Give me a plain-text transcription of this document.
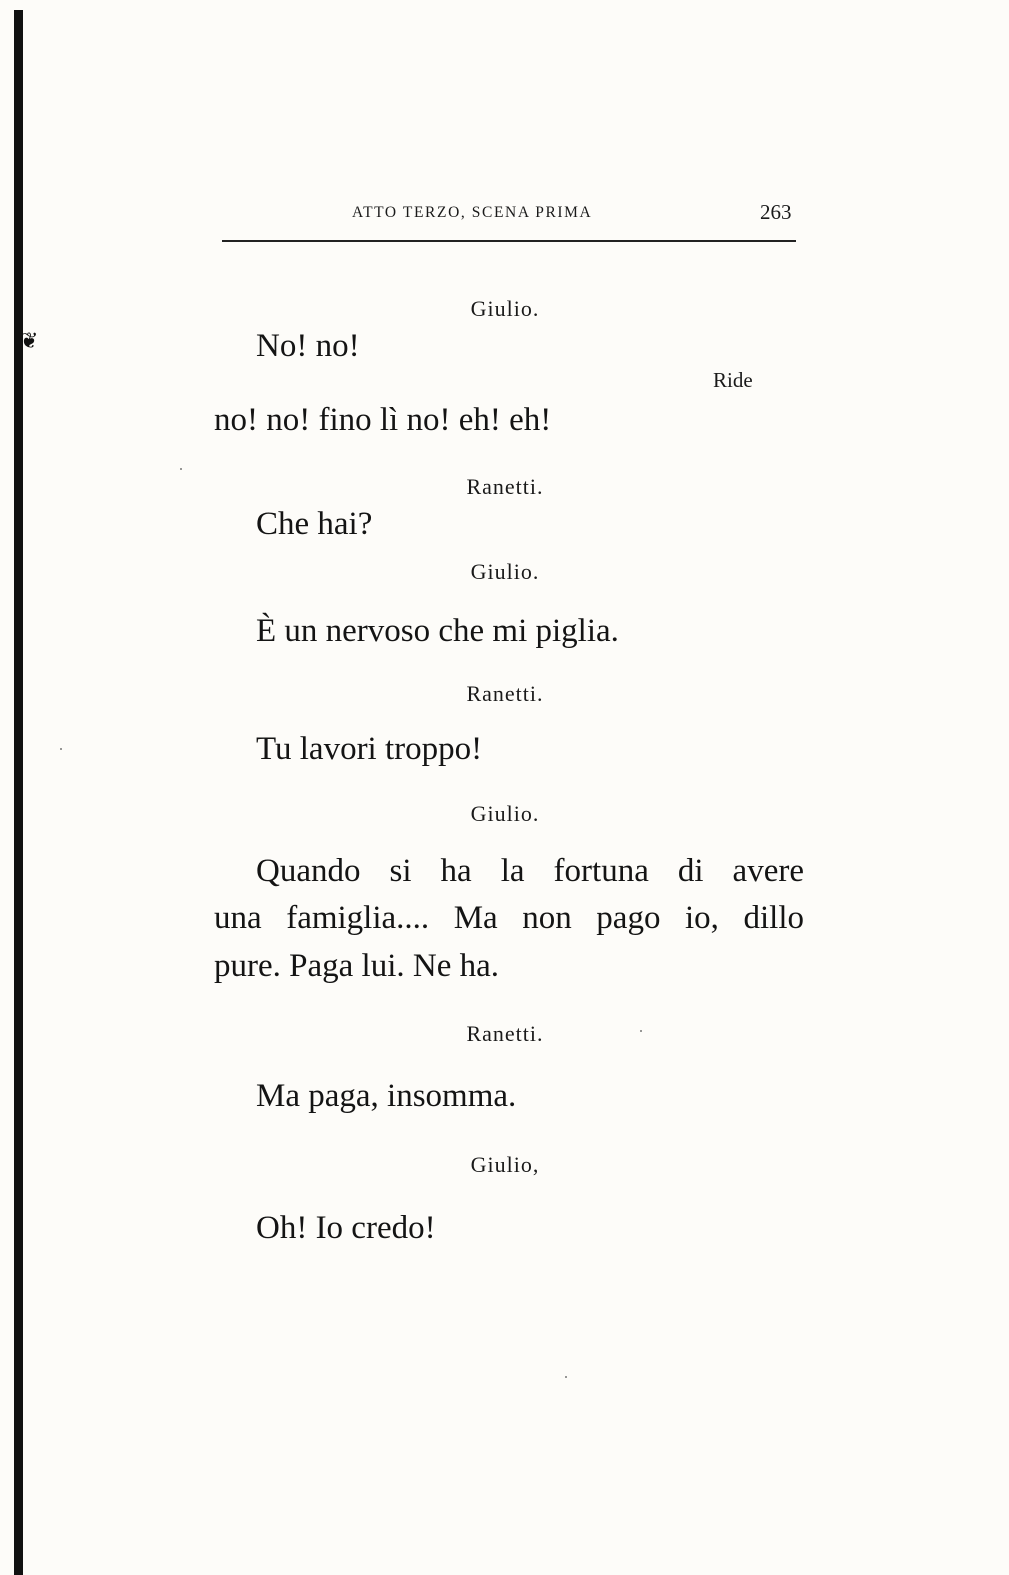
❦
ATTO TERZO, SCENA PRIMA	263
Giulio.
No! no!
Ride
no! no! fino lì no! eh! eh!
Ranetti.
Che hai?
Giulio.
È un nervoso che mi piglia.
Ranetti.
Tu lavori troppo!
Giulio.
Quando si ha la fortuna di avere
una famiglia.... Ma non pago io, dillo
pure. Paga lui. Ne ha.
Ranetti.
Ma paga, insomma.
Giulio,
Oh! Io credo!
